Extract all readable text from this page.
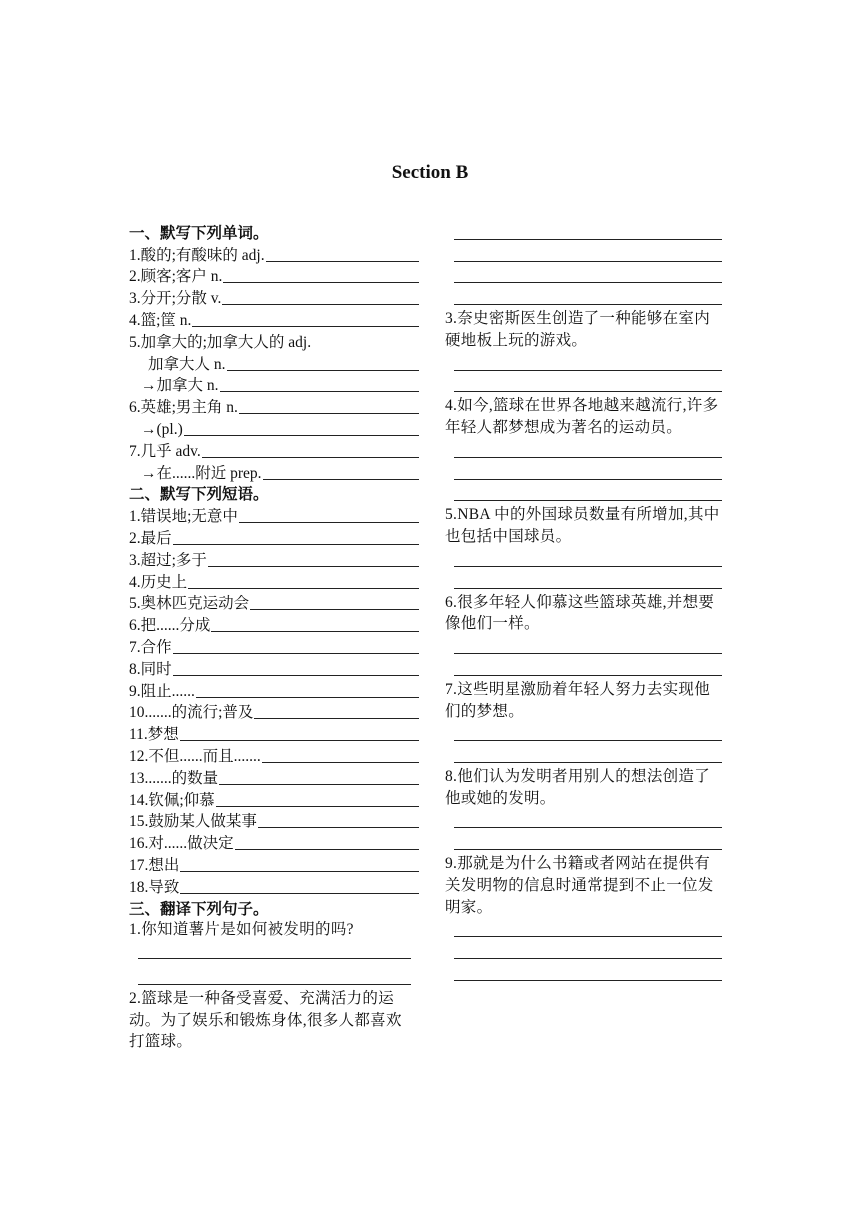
Section B
一、默写下列单词。
1.酸的;有酸味的 adj.
2.顾客;客户 n.
3.分开;分散 v.
4.篮;筐 n.
5.加拿大的;加拿大人的 adj.
加拿大人 n.
→加拿大 n.
6.英雄;男主角 n.
→(pl.)
7.几乎 adv.
→在......附近 prep.
二、默写下列短语。
1.错误地;无意中
2.最后
3.超过;多于
4.历史上
5.奥林匹克运动会
6.把......分成
7.合作
8.同时
9.阻止......
10.......的流行;普及
11.梦想
12.不但......而且.......
13.......的数量
14.钦佩;仰慕
15.鼓励某人做某事
16.对......做决定
17.想出
18.导致
三、翻译下列句子。
1.你知道薯片是如何被发明的吗?
2.篮球是一种备受喜爱、充满活力的运动。为了娱乐和锻炼身体,很多人都喜欢打篮球。
3.奈史密斯医生创造了一种能够在室内硬地板上玩的游戏。
4.如今,篮球在世界各地越来越流行,许多年轻人都梦想成为著名的运动员。
5.NBA 中的外国球员数量有所增加,其中也包括中国球员。
6.很多年轻人仰慕这些篮球英雄,并想要像他们一样。
7.这些明星激励着年轻人努力去实现他们的梦想。
8.他们认为发明者用别人的想法创造了他或她的发明。
9.那就是为什么书籍或者网站在提供有关发明物的信息时通常提到不止一位发明家。
